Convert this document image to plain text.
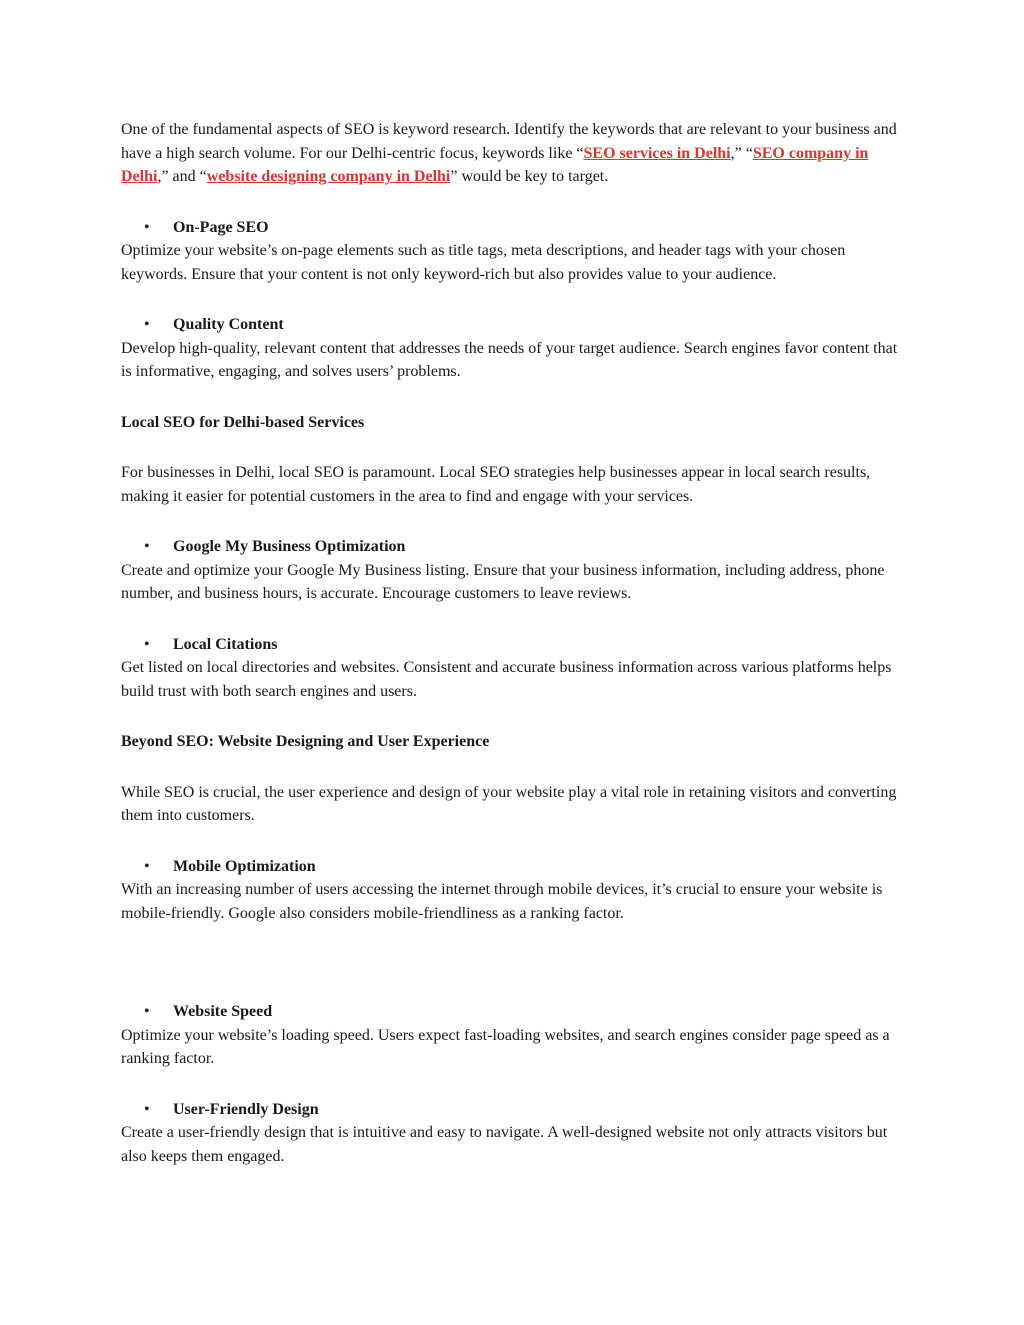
One of the fundamental aspects of SEO is keyword research. Identify the keywords that are relevant to your business and have a high search volume. For our Delhi-centric focus, keywords like “SEO services in Delhi,” “SEO company in Delhi,” and “website designing company in Delhi” would be key to target.

• On-Page SEO

Optimize your website’s on-page elements such as title tags, meta descriptions, and header tags with your chosen keywords. Ensure that your content is not only keyword-rich but also provides value to your audience.

• Quality Content

Develop high-quality, relevant content that addresses the needs of your target audience. Search engines favor content that is informative, engaging, and solves users’ problems.

Local SEO for Delhi-based Services

For businesses in Delhi, local SEO is paramount. Local SEO strategies help businesses appear in local search results, making it easier for potential customers in the area to find and engage with your services.

• Google My Business Optimization

Create and optimize your Google My Business listing. Ensure that your business information, including address, phone number, and business hours, is accurate. Encourage customers to leave reviews.

• Local Citations

Get listed on local directories and websites. Consistent and accurate business information across various platforms helps build trust with both search engines and users.

Beyond SEO: Website Designing and User Experience

While SEO is crucial, the user experience and design of your website play a vital role in retaining visitors and converting them into customers.

• Mobile Optimization

With an increasing number of users accessing the internet through mobile devices, it’s crucial to ensure your website is mobile-friendly. Google also considers mobile-friendliness as a ranking factor.

• Website Speed

Optimize your website’s loading speed. Users expect fast-loading websites, and search engines consider page speed as a ranking factor.

• User-Friendly Design

Create a user-friendly design that is intuitive and easy to navigate. A well-designed website not only attracts visitors but also keeps them engaged.
